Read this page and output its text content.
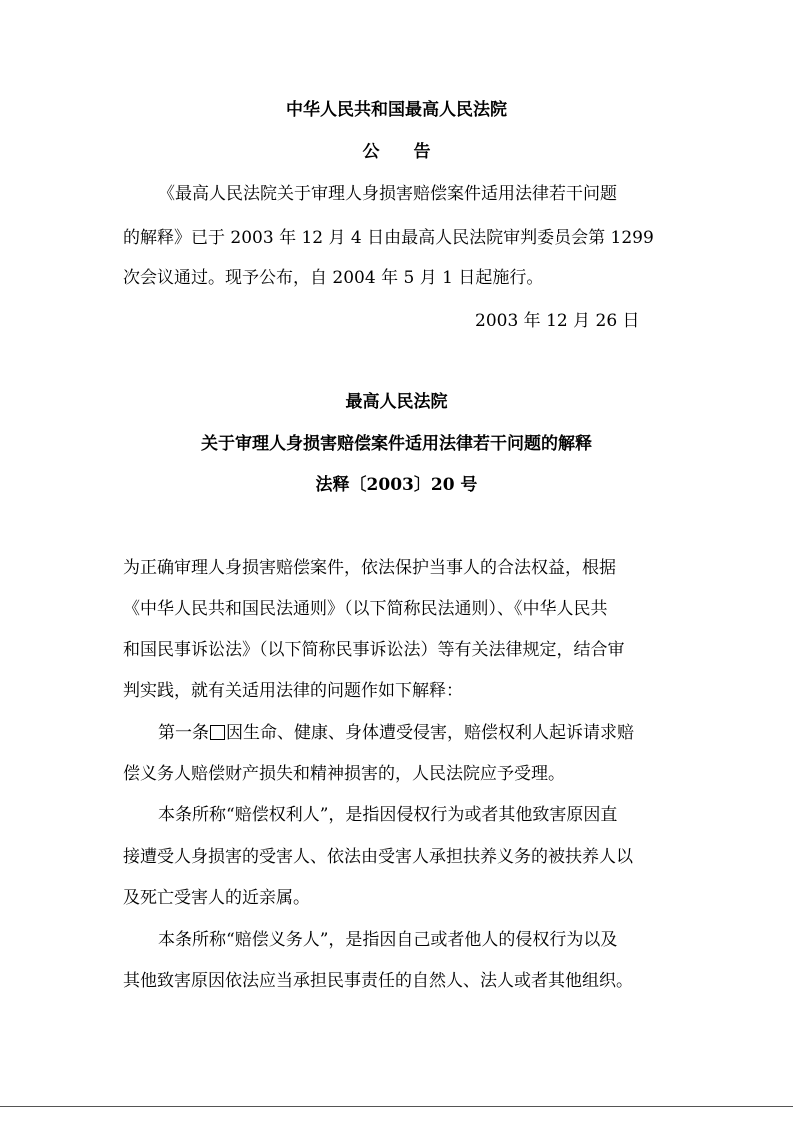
中华人民共和国最高人民法院
公　　告
《最高人民法院关于审理人身损害赔偿案件适用法律若干问题
的解释》已于 2003 年 12 月 4 日由最高人民法院审判委员会第 1299
次会议通过。现予公布，自 2004 年 5 月 1 日起施行。
2003 年 12 月 26 日
最高人民法院
关于审理人身损害赔偿案件适用法律若干问题的解释
法释〔2003〕20 号
为正确审理人身损害赔偿案件，依法保护当事人的合法权益，根据
《中华人民共和国民法通则》（以下简称民法通则）、《中华人民共
和国民事诉讼法》（以下简称民事诉讼法）等有关法律规定，结合审
判实践，就有关适用法律的问题作如下解释：
第一条 因生命、健康、身体遭受侵害，赔偿权利人起诉请求赔
偿义务人赔偿财产损失和精神损害的，人民法院应予受理。
本条所称“赔偿权利人”，是指因侵权行为或者其他致害原因直
接遭受人身损害的受害人、依法由受害人承担扶养义务的被扶养人以
及死亡受害人的近亲属。
本条所称“赔偿义务人”，是指因自己或者他人的侵权行为以及
其他致害原因依法应当承担民事责任的自然人、法人或者其他组织。
